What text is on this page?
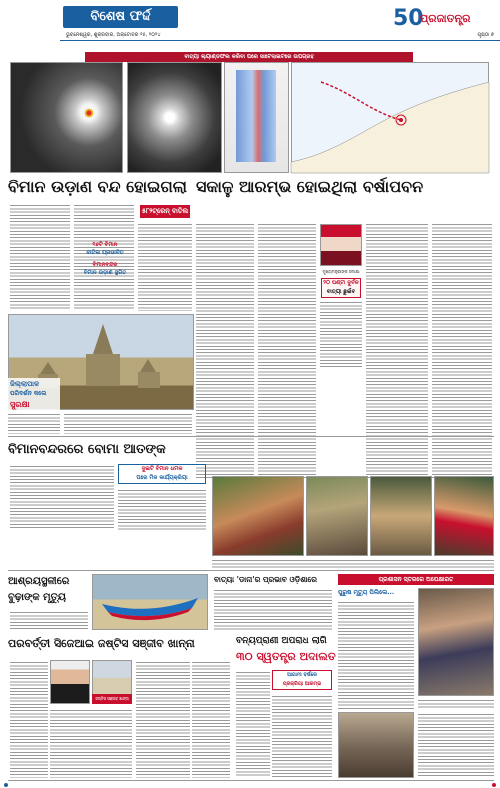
ବିଶେଷ ଫର୍ଦ୍ଦ
ଭୁବନେଶ୍ୱର, ଶୁକ୍ରବାର, ଅକ୍ଟୋବର ୨୫, ୨୦୨୪
50
ପ୍ରଜାତନ୍ତ୍ର
ପୃଷ୍ଠା ୭
ବାତ୍ୟା ଲ୍ୟାଣ୍ଡଫଲ କରିବା ପରେ ସାଟେଲାଇଟରେ ଉପଗ୍ରହ
ବିମାନ ଉଡ଼ାଣ ବନ୍ଦ ହୋଇଗଲା
୫୮୨ଟ୍ରେନ୍ ବାତିଲ
୧୬ଟି ବିମାନ
ବାତିଲ ପ୍ରଭାବିତ
ବିମାନବନ୍ଦର
ବିମାନ ଉଡ଼ାଣ ସ୍ଥଗିତ
ସକାଳୁ ଆରମ୍ଭ ହୋଇଥିଲା ବର୍ଷାପବନ
ମୁଖ୍ୟମନ୍ତ୍ରୀଙ୍କ ସମୀକ୍ଷା
୨୦ ଘଣ୍ଟା ଦୁର୍ବଳ
ବାତ୍ୟା ଛୁଇଁବ
ଜିଲ୍ଲାପାଳ
ପରିଦର୍ଶନ କଲେ
ସୁରକ୍ଷା
ବିମାନବନ୍ଦରରେ ବୋମା ଆତଙ୍କ
ଦୁଇଟି ବିମାନ ଧମକ
ପରେ ମିଳ କାର୍ଯ୍ୟକ୍ରିୟା
ଆଶ୍ରୟସ୍ଥଳୀରେ ବୁଢ଼ାଙ୍କ ମୃତ୍ୟୁ
ବାତ୍ୟା 'ଡାନା'ର ପ୍ରଭାବ ଓଡ଼ିଶାରେ	ପ୍ରଶାସନ ସ୍ତରରେ ଅପେକ୍ଷାରତ
ପୁରୁଷ ମୃତ୍ୟୁ ପିଲିଲେ...
ପରବର୍ତ୍ତୀ ସିଜେଆଇ ଜଷ୍ଟିସ ସଞ୍ଜୀବ ଖାନ୍ନା
ଜଷ୍ଟିସ ସଞ୍ଜୀବ ଖାନ୍ନା
ବନ୍ୟପ୍ରାଣୀ ଅପରାଧ ଲାଗି
୩୦ ସ୍ୱତନ୍ତ୍ର ଅଦାଲତ
ଆଗାମୀ ବର୍ଷରେ
ପ୍ରକ୍ରିୟା ଆରମ୍ଭ
